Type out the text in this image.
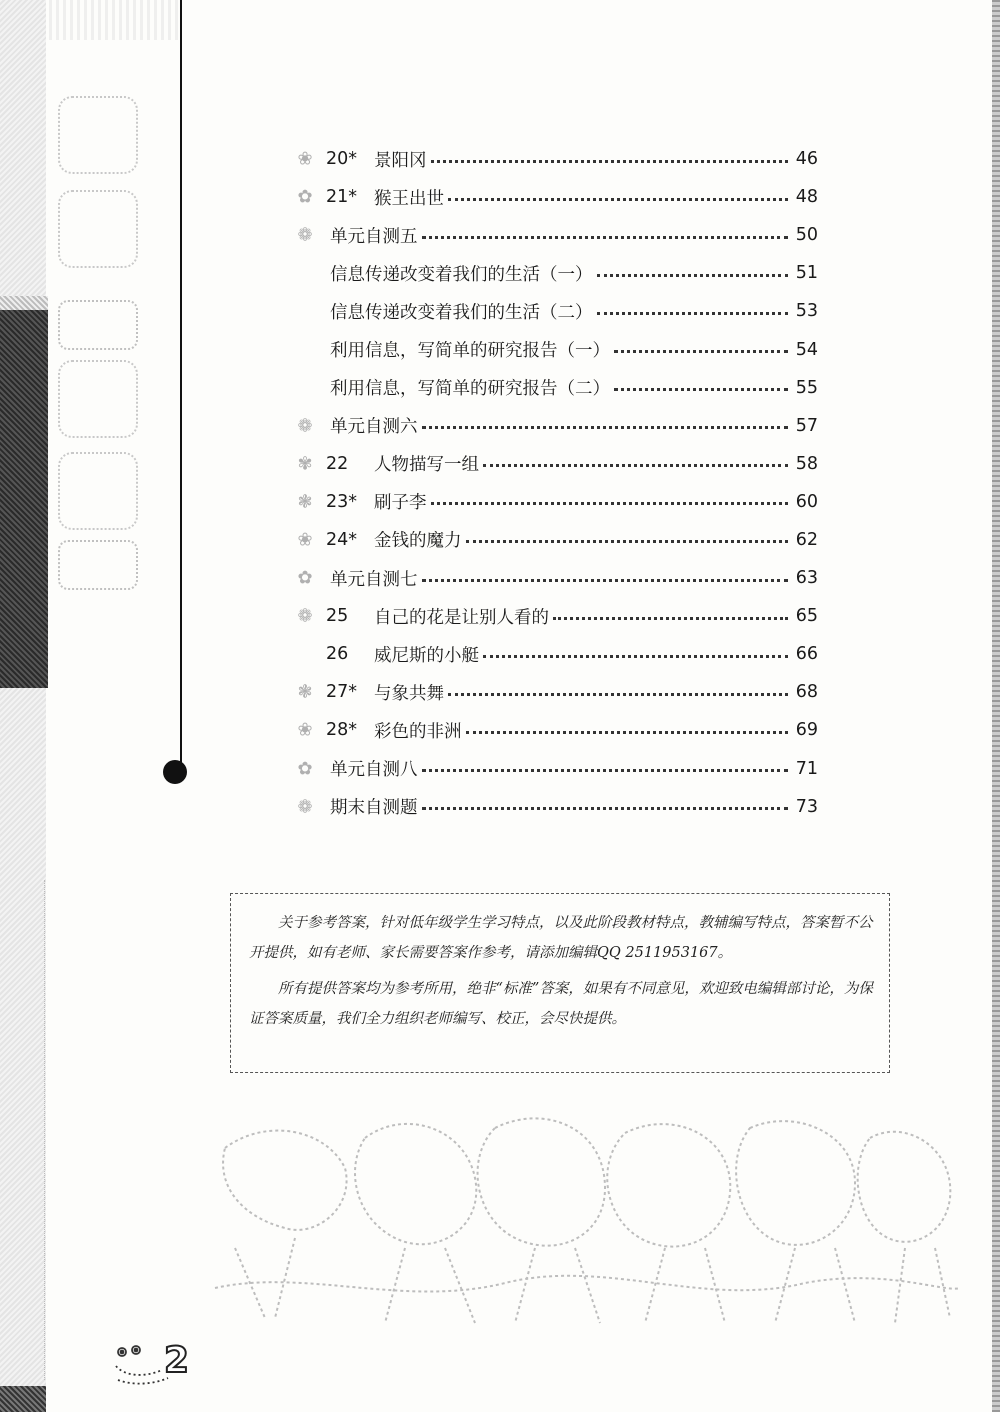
❀ 20* 景阳冈	46
✿ 21* 猴王出世	48
❁ 单元自测五	50
信息传递改变着我们的生活（一）	51
信息传递改变着我们的生活（二）	53
利用信息，写简单的研究报告（一）	54
利用信息，写简单的研究报告（二）	55
❁ 单元自测六	57
✾ 22	人物描写一组	58
❃ 23* 刷子李	60
❀ 24* 金钱的魔力	62
✿ 单元自测七	63
❁ 25	自己的花是让别人看的	65
26	威尼斯的小艇	66
❃ 27* 与象共舞	68
❀ 28* 彩色的非洲	69
✿ 单元自测八	71
❁ 期末自测题	73

关于参考答案，针对低年级学生学习特点，以及此阶段教材特点，教辅编写特点，答案暂不公开提供，如有老师、家长需要答案作参考，请添加编辑QQ 2511953167。

所有提供答案均为参考所用，绝非“标准”答案，如果有不同意见，欢迎致电编辑部讨论，为保证答案质量，我们全力组织老师编写、校正，会尽快提供。

2
